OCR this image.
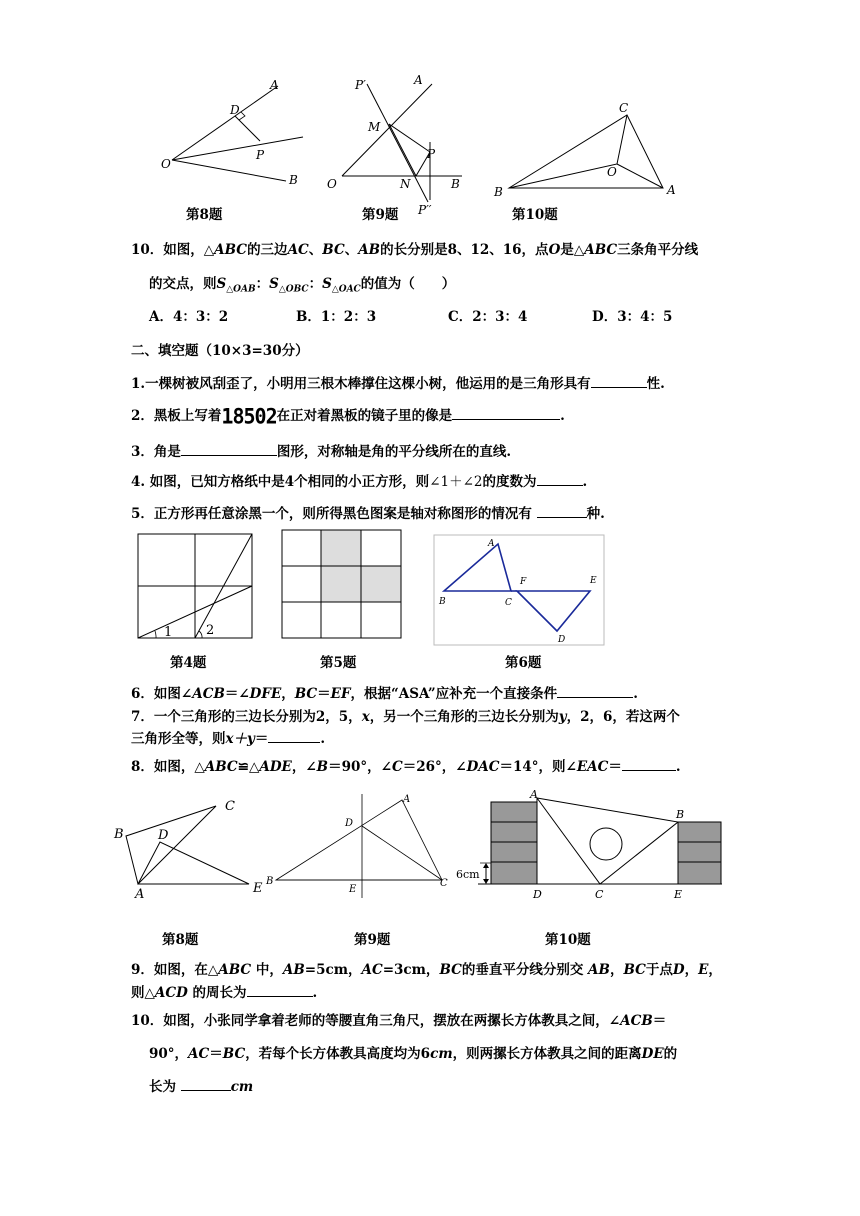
A
D
P
O
B
第8题
P′	A
M
P
O	N	B
P′′
第9题
C
O
B	A
第10题
10．如图，△ABC的三边AC、BC、AB的长分别是8、12、16，点O是△ABC三条角平分线
的交点，则$S_{\triangle OAB}$：$S_{\triangle OBC}$：$S_{\triangle OAC}$的值为（　　）
A．4：3：2	B．1：2：3	C．2：3：4	D．3：4：5
二、填空题（10×3=30分）
1.一棵树被风刮歪了，小明用三根木棒撑住这棵小树，他运用的是三角形具有	性.
2．黑板上写着18502在正对着黑板的镜子里的像是	.
3．角是	图形，对称轴是角的平分线所在的直线.
4. 如图，已知方格纸中是4个相同的小正方形，则∠1＋∠2的度数为	.
5．正方形再任意涂黑一个，则所得黑色图案是轴对称图形的情况有	种.
1	2
第4题	第5题
A
F	E
B	C
D
第6题
6．如图∠ACB＝∠DFE，BC＝EF，根据“ASA”应补充一个直接条件	.
7．一个三角形的三边长分别为2，5，x，另一个三角形的三边长分别为y，2，6，若这两个
三角形全等，则x＋y＝	.
8．如图，△ABC≌△ADE，∠B＝90°，∠C＝26°，∠DAC＝14°，则∠EAC＝	.
C
B	D
A	E
第8题
A
D
B
E
C
第9题
6cm
A
B
D	C	E
第10题
9．如图，在△ABC 中，AB=5cm，AC=3cm，BC的垂直平分线分别交 AB，BC于点D，E，
则△ACD 的周长为	.
10．如图，小张同学拿着老师的等腰直角三角尺，摆放在两摞长方体教具之间，∠ACB＝
90°，AC＝BC，若每个长方体教具高度均为6cm，则两摞长方体教具之间的距离DE的
长为	cm
